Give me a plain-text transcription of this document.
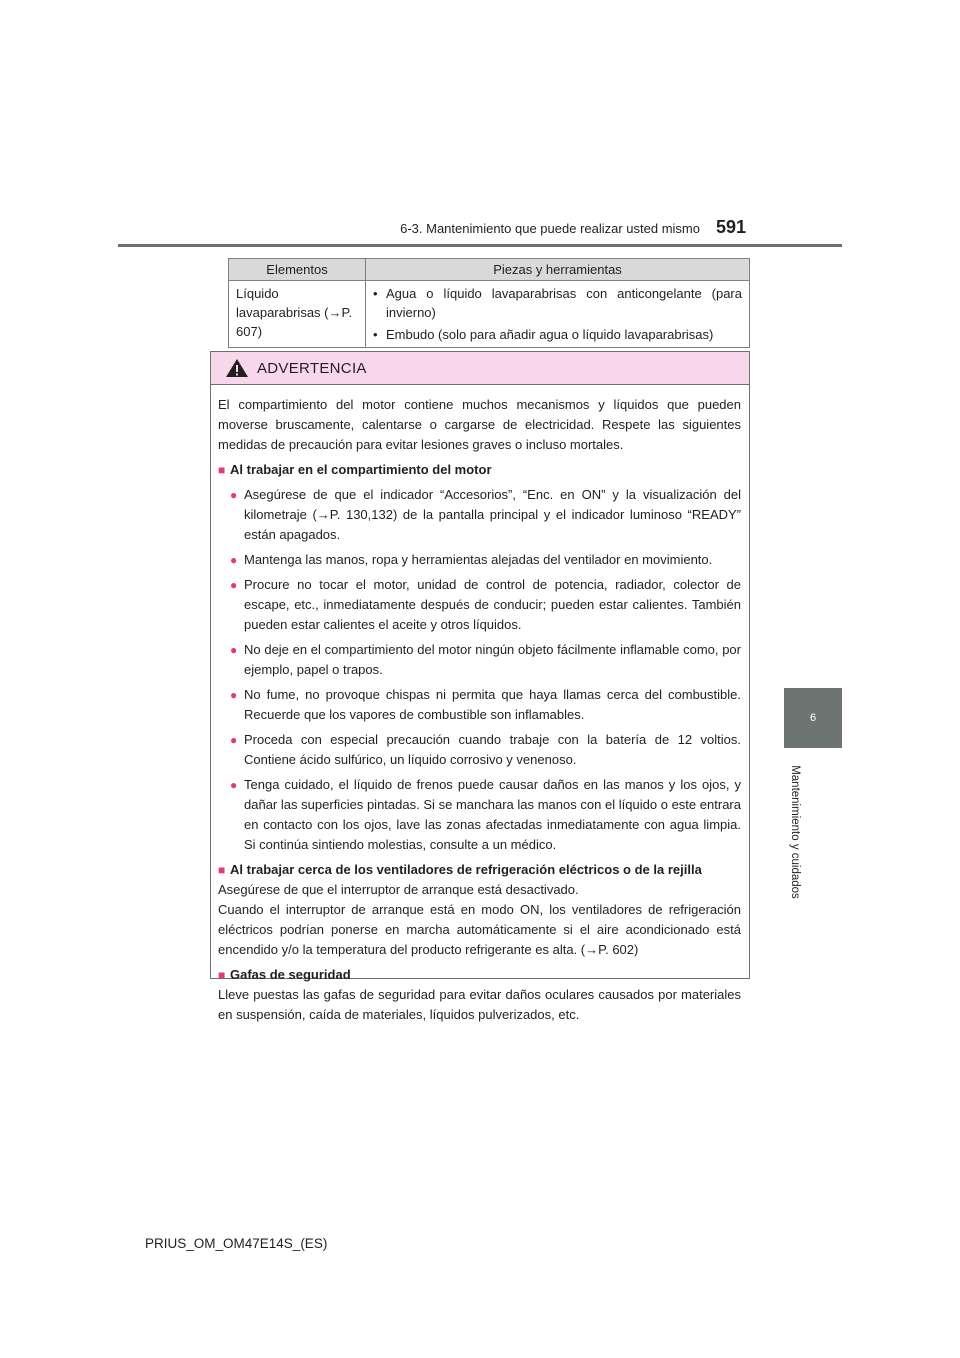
6-3. Mantenimiento que puede realizar usted mismo 591
6
Mantenimiento y cuidados
Elementos	Piezas y herramientas
Líquido lavaparabrisas (→P. 607)	• Agua o líquido lavaparabrisas con anticongelante (para invierno)
• Embudo (solo para añadir agua o líquido lavaparabrisas)
ADVERTENCIA

El compartimiento del motor contiene muchos mecanismos y líquidos que pueden moverse bruscamente, calentarse o cargarse de electricidad. Respete las siguientes medidas de precaución para evitar lesiones graves o incluso mortales.

■ Al trabajar en el compartimiento del motor
● Asegúrese de que el indicador “Accesorios”, “Enc. en ON” y la visualización del kilometraje (→P. 130,132) de la pantalla principal y el indicador luminoso “READY” están apagados.
● Mantenga las manos, ropa y herramientas alejadas del ventilador en movimiento.
● Procure no tocar el motor, unidad de control de potencia, radiador, colector de escape, etc., inmediatamente después de conducir; pueden estar calientes. También pueden estar calientes el aceite y otros líquidos.
● No deje en el compartimiento del motor ningún objeto fácilmente inflamable como, por ejemplo, papel o trapos.
● No fume, no provoque chispas ni permita que haya llamas cerca del combustible. Recuerde que los vapores de combustible son inflamables.
● Proceda con especial precaución cuando trabaje con la batería de 12 voltios. Contiene ácido sulfúrico, un líquido corrosivo y venenoso.
● Tenga cuidado, el líquido de frenos puede causar daños en las manos y los ojos, y dañar las superficies pintadas. Si se manchara las manos con el líquido o este entrara en contacto con los ojos, lave las zonas afectadas inmediatamente con agua limpia. Si continúa sintiendo molestias, consulte a un médico.
■ Al trabajar cerca de los ventiladores de refrigeración eléctricos o de la rejilla

Asegúrese de que el interruptor de arranque está desactivado.

Cuando el interruptor de arranque está en modo ON, los ventiladores de refrigeración eléctricos podrían ponerse en marcha automáticamente si el aire acondicionado está encendido y/o la temperatura del producto refrigerante es alta. (→P. 602)

■ Gafas de seguridad

Lleve puestas las gafas de seguridad para evitar daños oculares causados por materiales en suspensión, caída de materiales, líquidos pulverizados, etc.

PRIUS_OM_OM47E14S_(ES)
